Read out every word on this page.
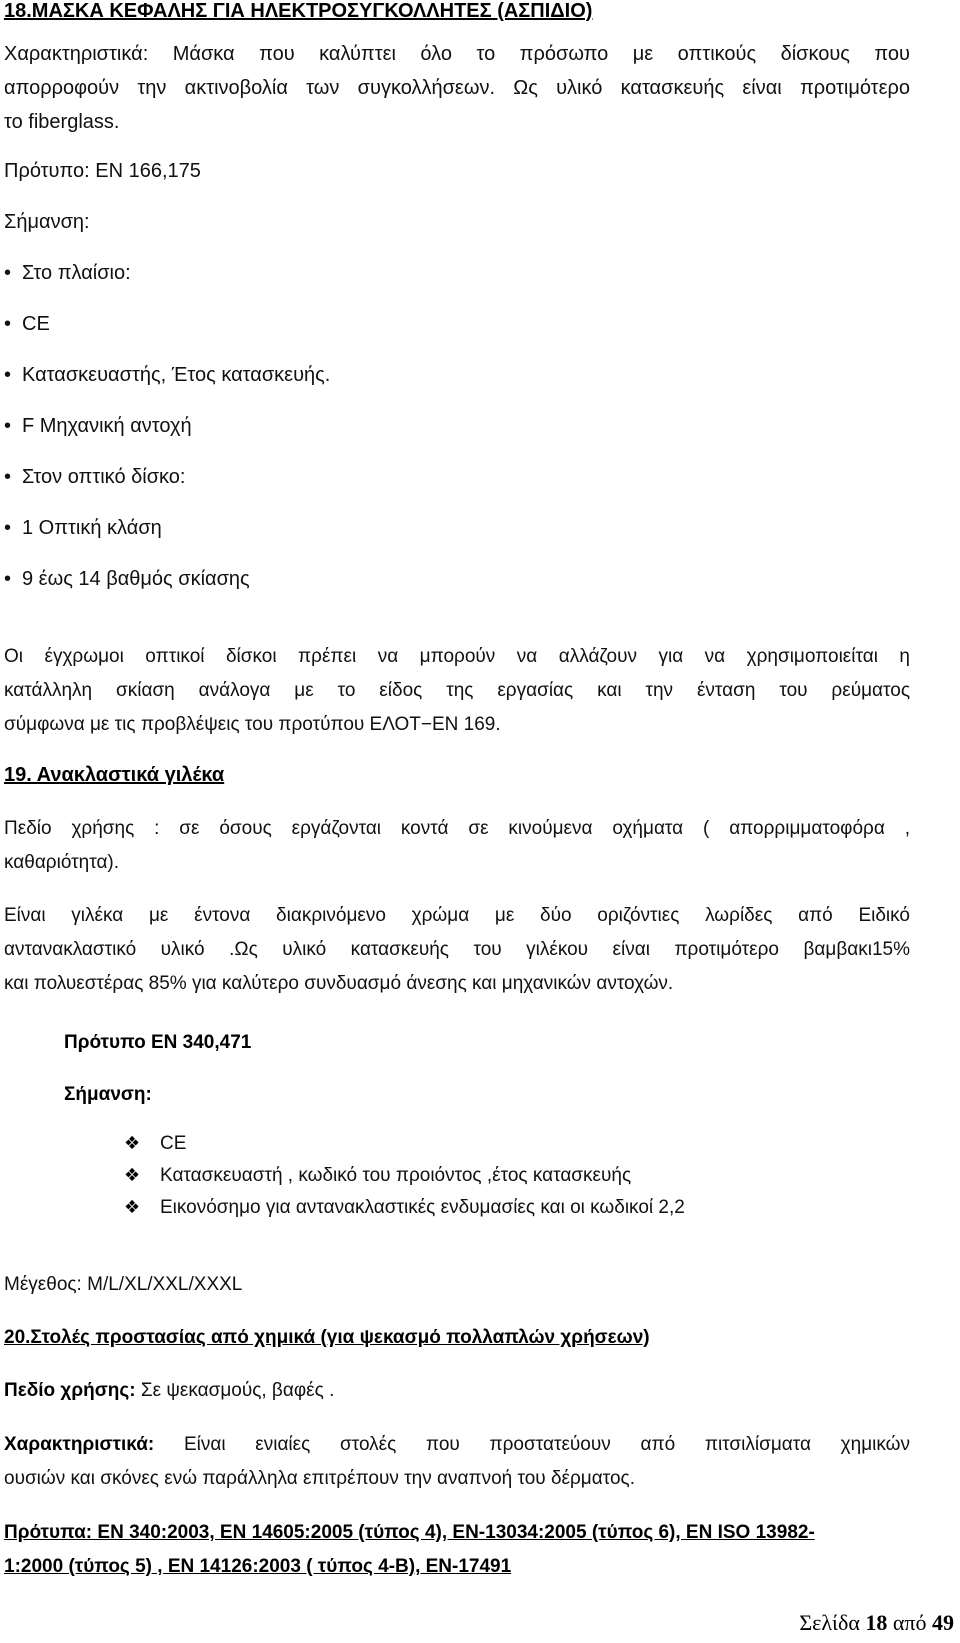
18.ΜΑΣΚΑ ΚΕΦΑΛΗΣ ΓΙΑ ΗΛΕΚΤΡΟΣΥΓΚΟΛΛΗΤΕΣ (ΑΣΠΙΔΙΟ)
Χαρακτηριστικά: Μάσκα που καλύπτει όλο το πρόσωπο με οπτικούς δίσκους που
απορροφούν την ακτινοβολία των συγκολλήσεων. Ως υλικό κατασκευής είναι προτιμότερο
το fiberglass.
Πρότυπο: EN 166,175
Σήμανση:
• Στο πλαίσιο:
• CE
• Κατασκευαστής, Έτος κατασκευής.
• F Μηχανική αντοχή
• Στον οπτικό δίσκο:
• 1 Οπτική κλάση
• 9 έως 14 βαθμός σκίασης
Οι έγχρωμοι οπτικοί δίσκοι πρέπει να μπορούν να αλλάζουν για να χρησιμοποιείται η
κατάλληλη σκίαση ανάλογα με το είδος της εργασίας και την ένταση του ρεύματος
σύμφωνα με τις προβλέψεις του προτύπου ΕΛΟΤ−EN 169.
19. Ανακλαστικά γιλέκα
Πεδίο χρήσης : σε όσους εργάζονται κοντά σε κινούμενα οχήματα ( απορριμματοφόρα ,
καθαριότητα).
Είναι γιλέκα με έντονα διακρινόμενο χρώμα με δύο οριζόντιες λωρίδες από Ειδικό
αντανακλαστικό υλικό .Ως υλικό κατασκευής του γιλέκου είναι προτιμότερο βαμβακι15%
και πολυεστέρας 85% για καλύτερο συνδυασμό άνεσης και μηχανικών αντοχών.
Πρότυπο EN 340,471
Σήμανση:
❖ CE
❖ Κατασκευαστή , κωδικό του προιόντος ,έτος κατασκευής
❖ Εικονόσημο για αντανακλαστικές ενδυμασίες και οι κωδικοί 2,2
Μέγεθος: M/L/XL/XXL/XXXL
20.Στολές προστασίας από χημικά (για ψεκασμό πολλαπλών χρήσεων)
Πεδίο χρήσης: Σε ψεκασμούς, βαφές .
Χαρακτηριστικά: Είναι ενιαίες στολές που προστατεύουν από πιτσιλίσματα χημικών
ουσιών και σκόνες ενώ παράλληλα επιτρέπουν την αναπνοή του δέρματος.
Πρότυπα: EN 340:2003, EN 14605:2005 (τύπος 4), EN-13034:2005 (τύπος 6), EN ISO 13982-
1:2000 (τύπος 5) , EN 14126:2003 ( τύπος 4-B), EN-17491
Σελίδα 18 από 49
